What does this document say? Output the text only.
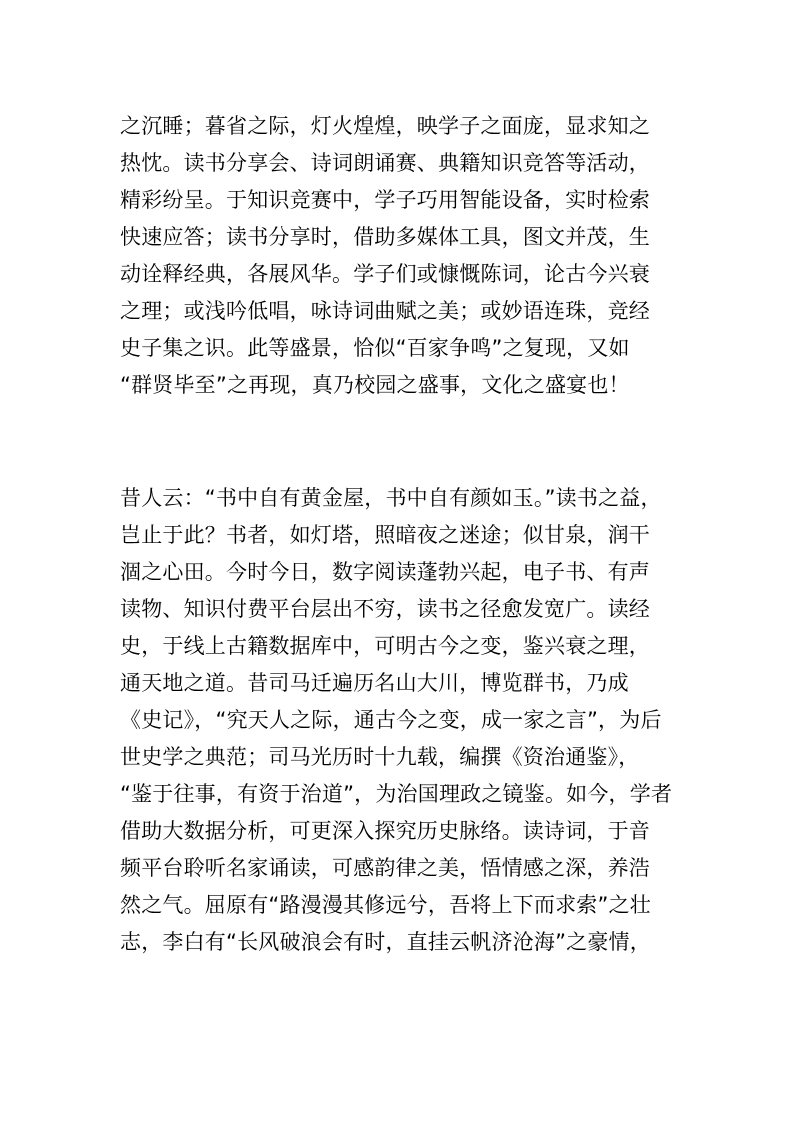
之沉睡；暮省之际，灯火煌煌，映学子之面庞，显求知之
热忱。读书分享会、诗词朗诵赛、典籍知识竞答等活动，
精彩纷呈。于知识竞赛中，学子巧用智能设备，实时检索
快速应答；读书分享时，借助多媒体工具，图文并茂，生
动诠释经典，各展风华。学子们或慷慨陈词，论古今兴衰
之理；或浅吟低唱，咏诗词曲赋之美；或妙语连珠，竞经
史子集之识。此等盛景，恰似“百家争鸣”之复现，又如
“群贤毕至”之再现，真乃校园之盛事，文化之盛宴也！
昔人云：“书中自有黄金屋，书中自有颜如玉。”读书之益，
岂止于此？书者，如灯塔，照暗夜之迷途；似甘泉，润干
涸之心田。今时今日，数字阅读蓬勃兴起，电子书、有声
读物、知识付费平台层出不穷，读书之径愈发宽广。读经
史，于线上古籍数据库中，可明古今之变，鉴兴衰之理，
通天地之道。昔司马迁遍历名山大川，博览群书，乃成
《史记》，“究天人之际，通古今之变，成一家之言”，为后
世史学之典范；司马光历时十九载，编撰《资治通鉴》，
“鉴于往事，有资于治道”，为治国理政之镜鉴。如今，学者
借助大数据分析，可更深入探究历史脉络。读诗词，于音
频平台聆听名家诵读，可感韵律之美，悟情感之深，养浩
然之气。屈原有“路漫漫其修远兮，吾将上下而求索”之壮
志，李白有“长风破浪会有时，直挂云帆济沧海”之豪情，
